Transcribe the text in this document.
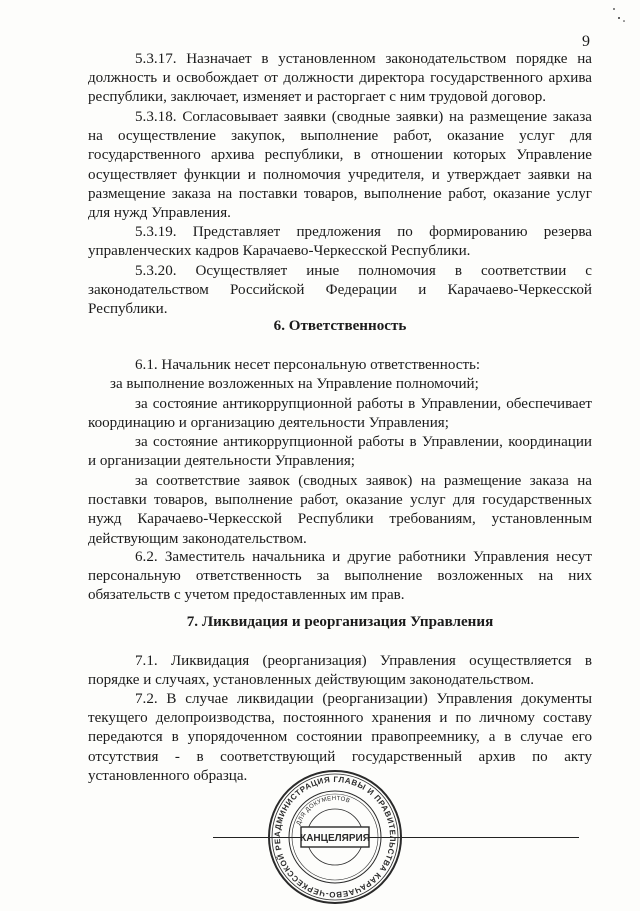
9

5.3.17. Назначает в установленном законодательством порядке на должность и освобождает от должности директора государственного архива республики, заключает, изменяет и расторгает с ним трудовой договор.

5.3.18. Согласовывает заявки (сводные заявки) на размещение заказа на осуществление закупок, выполнение работ, оказание услуг для государственного архива республики, в отношении которых Управление осуществляет функции и полномочия учредителя, и утверждает заявки на размещение заказа на поставки товаров, выполнение работ, оказание услуг для нужд Управления.

5.3.19. Представляет предложения по формированию резерва управленческих кадров Карачаево-Черкесской Республики.

5.3.20. Осуществляет иные полномочия в соответствии с законодательством Российской Федерации и Карачаево-Черкесской Республики.

6. Ответственность

6.1. Начальник несет персональную ответственность:

за выполнение возложенных на Управление полномочий;

за состояние антикоррупционной работы в Управлении, обеспечивает координацию и организацию деятельности Управления;

за состояние антикоррупционной работы в Управлении, координации и организации деятельности Управления;

за соответствие заявок (сводных заявок) на размещение заказа на поставки товаров, выполнение работ, оказание услуг для государственных нужд Карачаево-Черкесской Республики требованиям, установленным действующим законодательством.

6.2. Заместитель начальника и другие работники Управления несут персональную ответственность за выполнение возложенных на них обязательств с учетом предоставленных им прав.

7. Ликвидация и реорганизация Управления

7.1. Ликвидация (реорганизация) Управления осуществляется в порядке и случаях, установленных действующим законодательством.

7.2. В случае ликвидации (реорганизации) Управления документы текущего делопроизводства, постоянного хранения и по личному составу передаются в упорядоченном состоянии правопреемнику, а в случае его отсутствия - в соответствующий государственный архив по акту установленного образца.

АДМИНИСТРАЦИЯ ГЛАВЫ И ПРАВИТЕЛЬСТВА КАРАЧАЕВО-ЧЕРКЕССКОЙ РЕ
ДЛЯ ДОКУМЕНТОВ
КАНЦЕЛЯРИЯ
